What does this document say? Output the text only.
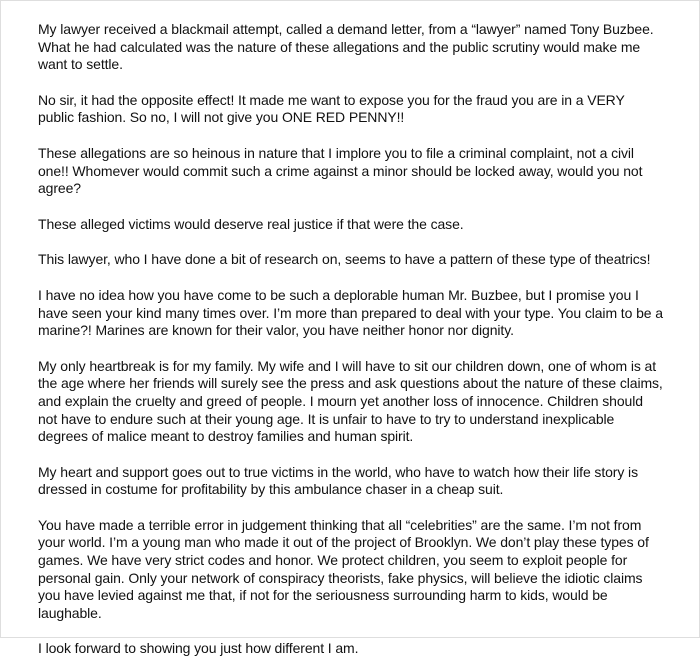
My lawyer received a blackmail attempt, called a demand letter, from a “lawyer” named Tony Buzbee. What he had calculated was the nature of these allegations and the public scrutiny would make me want to settle.

No sir, it had the opposite effect! It made me want to expose you for the fraud you are in a VERY public fashion. So no, I will not give you ONE RED PENNY!!

These allegations are so heinous in nature that I implore you to file a criminal complaint, not a civil one!! Whomever would commit such a crime against a minor should be locked away, would you not agree?

These alleged victims would deserve real justice if that were the case.

This lawyer, who I have done a bit of research on, seems to have a pattern of these type of theatrics!

I have no idea how you have come to be such a deplorable human Mr. Buzbee, but I promise you I have seen your kind many times over. I’m more than prepared to deal with your type. You claim to be a marine?! Marines are known for their valor, you have neither honor nor dignity.

My only heartbreak is for my family. My wife and I will have to sit our children down, one of whom is at the age where her friends will surely see the press and ask questions about the nature of these claims, and explain the cruelty and greed of people. I mourn yet another loss of innocence. Children should not have to endure such at their young age. It is unfair to have to try to understand inexplicable degrees of malice meant to destroy families and human spirit.

My heart and support goes out to true victims in the world, who have to watch how their life story is dressed in costume for profitability by this ambulance chaser in a cheap suit.

You have made a terrible error in judgement thinking that all “celebrities” are the same. I’m not from your world. I’m a young man who made it out of the project of Brooklyn. We don’t play these types of games. We have very strict codes and honor. We protect children, you seem to exploit people for personal gain. Only your network of conspiracy theorists, fake physics, will believe the idiotic claims you have levied against me that, if not for the seriousness surrounding harm to kids, would be laughable.

I look forward to showing you just how different I am.
